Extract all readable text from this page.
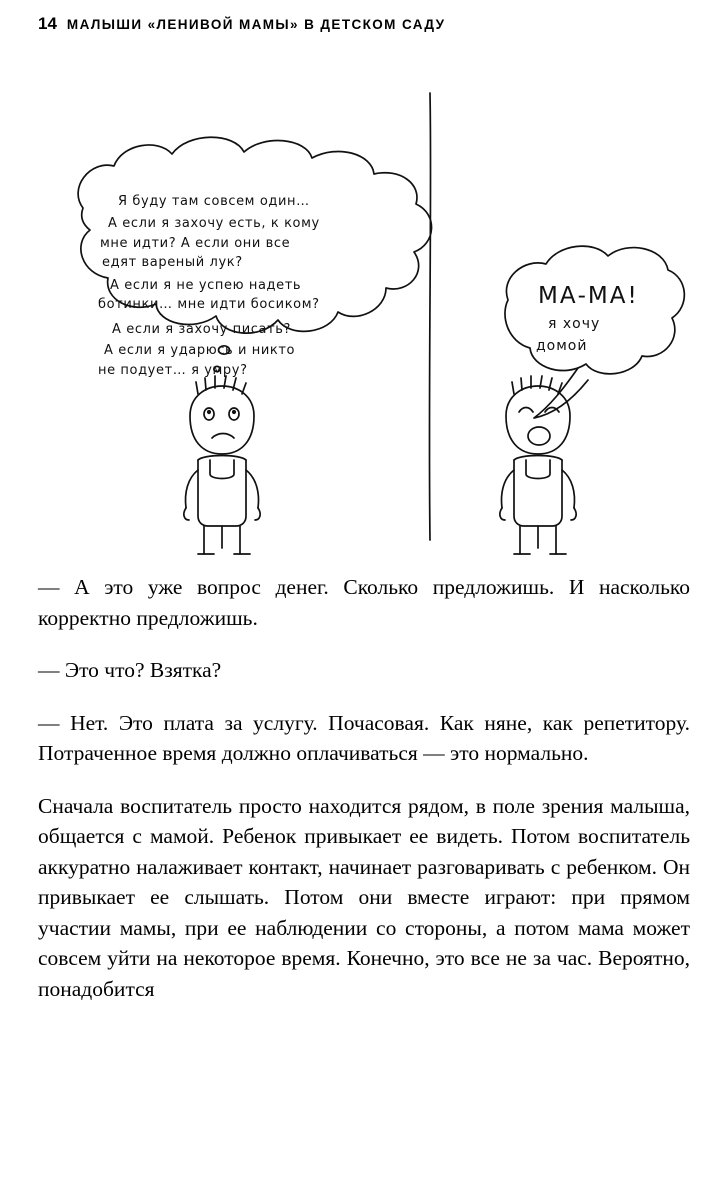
14 МАЛЫШИ «ЛЕНИВОЙ МАМЫ» В ДЕТСКОМ САДУ
Я буду там совсем один…
А если я захочу есть, к кому
мне идти? А если они все
едят вареный лук?
А если я не успею надеть
ботинки… мне идти босиком?
А если я захочу писать?
А если я ударюсь и никто
не подует… я умру?
МА-МА!
я хочу
домой

— А это уже вопрос денег. Сколько предложишь. И насколько корректно предложишь.

— Это что? Взятка?

— Нет. Это плата за услугу. Почасовая. Как няне, как репетитору. Потраченное время должно оплачиваться — это нормально.

Сначала воспитатель просто находится рядом, в поле зрения малыша, общается с мамой. Ребенок привыкает ее видеть. Потом воспитатель аккуратно налаживает контакт, начинает разговаривать с ребенком. Он привыкает ее слышать. Потом они вместе играют: при прямом участии мамы, при ее наблюдении со стороны, а потом мама может совсем уйти на некоторое время. Конечно, это все не за час. Вероятно, понадобится
